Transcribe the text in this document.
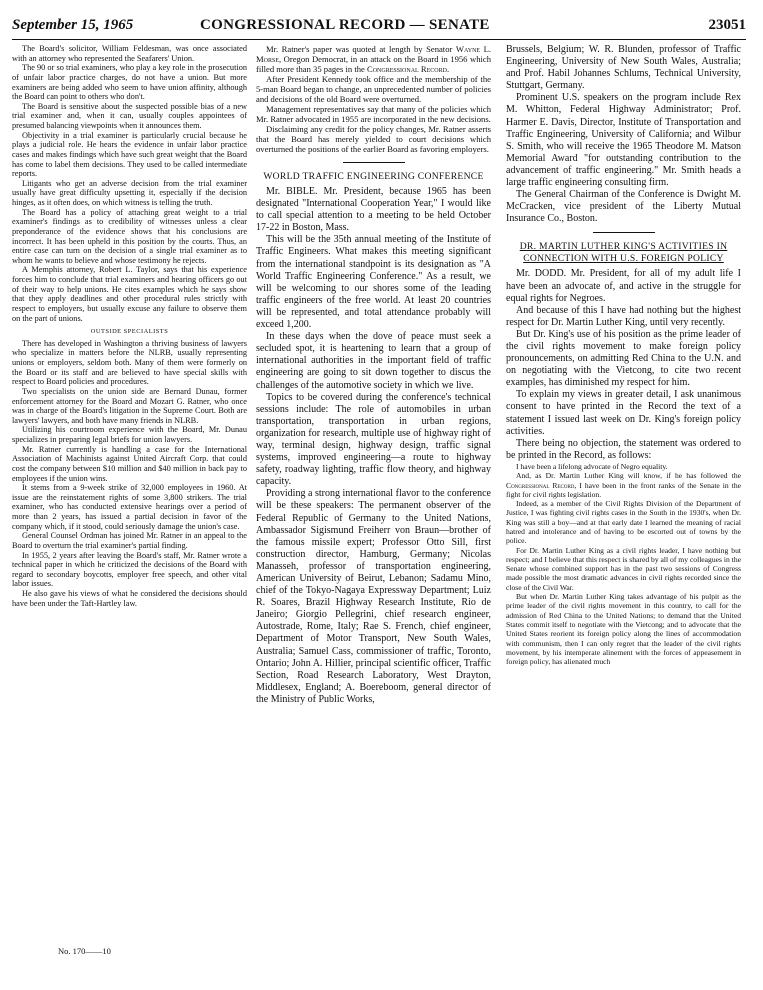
September 15, 1965	CONGRESSIONAL RECORD — SENATE	23051

The Board's solicitor, William Feldesman, was once associated with an attorney who represented the Seafarers' Union.

The 90 or so trial examiners, who play a key role in the prosecution of unfair labor practice charges, do not have a union. But more examiners are being added who seem to have union affinity, although the Board can point to others who don't.

The Board is sensitive about the suspected possible bias of a new trial examiner and, when it can, usually couples appointees of presumed balancing viewpoints when it announces them.

Objectivity in a trial examiner is particularly crucial because he plays a judicial role. He hears the evidence in unfair labor practice cases and makes findings which have such great weight that the Board has come to label them decisions. They used to be called intermediate reports.

Litigants who get an adverse decision from the trial examiner usually have great difficulty upsetting it, especially if the decision hinges, as it often does, on which witness is telling the truth.

The Board has a policy of attaching great weight to a trial examiner's findings as to credibility of witnesses unless a clear preponderance of the evidence shows that his conclusions are incorrect. It has been upheld in this position by the courts. Thus, an entire case can turn on the decision of a single trial examiner as to whom he wants to believe and whose testimony he rejects.

A Memphis attorney, Robert L. Taylor, says that his experience forces him to conclude that trial examiners and hearing officers go out of their way to help unions. He cites examples which he says show that they apply deadlines and other procedural rules strictly with respect to employers, but usually excuse any failure to observe them on the part of unions.

OUTSIDE SPECIALISTS

There has developed in Washington a thriving business of lawyers who specialize in matters before the NLRB, usually representing unions or employers, seldom both. Many of them were formerly on the Board or its staff and are believed to have special skills with respect to Board policies and procedures.

Two specialists on the union side are Bernard Dunau, former enforcement attorney for the Board and Mozart G. Ratner, who once was in charge of the Board's litigation in the Supreme Court. Both are lawyers' lawyers, and both have many friends in NLRB.

Utilizing his courtroom experience with the Board, Mr. Dunau specializes in preparing legal briefs for union lawyers.

Mr. Ratner currently is handling a case for the International Association of Machinists against United Aircraft Corp. that could cost the company between $10 million and $40 million in back pay to employees if the union wins.

It stems from a 9-week strike of 32,000 employees in 1960. At issue are the reinstatement rights of some 3,800 strikers. The trial examiner, who has conducted extensive hearings over a period of more than 2 years, has issued a partial decision in favor of the company which, if it stood, could seriously damage the union's case.

General Counsel Ordman has joined Mr. Ratner in an appeal to the Board to overturn the trial examiner's partial finding.

In 1955, 2 years after leaving the Board's staff, Mr. Ratner wrote a technical paper in which he criticized the decisions of the Board with regard to secondary boycotts, employer free speech, and other vital labor issues.

He also gave his views of what he considered the decisions should have been under the Taft-Hartley law.

Mr. Ratner's paper was quoted at length by Senator Wayne L. Morse, Oregon Democrat, in an attack on the Board in 1956 which filled more than 35 pages in the Congressional Record.

After President Kennedy took office and the membership of the 5-man Board began to change, an unprecedented number of policies and decisions of the old Board were overturned.

Management representatives say that many of the policies which Mr. Ratner advocated in 1955 are incorporated in the new decisions.

Disclaiming any credit for the policy changes, Mr. Ratner asserts that the Board has merely yielded to court decisions which overturned the positions of the earlier Board as favoring employers.

WORLD TRAFFIC ENGINEERING CONFERENCE

Mr. BIBLE. Mr. President, because 1965 has been designated "International Cooperation Year," I would like to call special attention to a meeting to be held October 17-22 in Boston, Mass.

This will be the 35th annual meeting of the Institute of Traffic Engineers. What makes this meeting significant from the international standpoint is its designation as "A World Traffic Engineering Conference." As a result, we will be welcoming to our shores some of the leading traffic engineers of the free world. At least 20 countries will be represented, and total attendance probably will exceed 1,200.

In these days when the dove of peace must seek a secluded spot, it is heartening to learn that a group of international authorities in the important field of traffic engineering are going to sit down together to discus the challenges of the automotive society in which we live.

Topics to be covered during the conference's technical sessions include: The role of automobiles in urban transportation, transportation in urban regions, organization for research, multiple use of highway right of way, terminal design, highway design, traffic signal systems, improved engineering—a route to highway safety, roadway lighting, traffic flow theory, and highway capacity.

Providing a strong international flavor to the conference will be these speakers: The permanent observer of the Federal Republic of Germany to the United Nations, Ambassador Sigismund Freiherr von Braun—brother of the famous missile expert; Professor Otto Sill, first construction director, Hamburg, Germany; Nicolas Manasseh, professor of transportation engineering, American University of Beirut, Lebanon; Sadamu Mino, chief of the Tokyo-Nagaya Expressway Department; Luiz R. Soares, Brazil Highway Research Institute, Rio de Janeiro; Giorgio Pellegrini, chief research engineer, Autostrade, Rome, Italy; Rae S. French, chief engineer, Department of Motor Transport, New South Wales, Australia; Samuel Cass, commissioner of traffic, Toronto, Ontario; John A. Hillier, principal scientific officer, Traffic Section, Road Research Laboratory, West Drayton, Middlesex, England; A. Boereboom, general director of the Ministry of Public Works,

Brussels, Belgium; W. R. Blunden, professor of Traffic Engineering, University of New South Wales, Australia; and Prof. Habil Johannes Schlums, Technical University, Stuttgart, Germany.

Prominent U.S. speakers on the program include Rex M. Whitton, Federal Highway Administrator; Prof. Harmer E. Davis, Director, Institute of Transportation and Traffic Engineering, University of California; and Wilbur S. Smith, who will receive the 1965 Theodore M. Matson Memorial Award "for outstanding contribution to the advancement of traffic engineering." Mr. Smith heads a large traffic engineering consulting firm.

The General Chairman of the Conference is Dwight M. McCracken, vice president of the Liberty Mutual Insurance Co., Boston.

DR. MARTIN LUTHER KING'S ACTIVITIES IN CONNECTION WITH U.S. FOREIGN POLICY

Mr. DODD. Mr. President, for all of my adult life I have been an advocate of, and active in the struggle for equal rights for Negroes.

And because of this I have had nothing but the highest respect for Dr. Martin Luther King, until very recently.

But Dr. King's use of his position as the prime leader of the civil rights movement to make foreign policy pronouncements, on admitting Red China to the U.N. and on negotiating with the Vietcong, to cite two recent examples, has diminished my respect for him.

To explain my views in greater detail, I ask unanimous consent to have printed in the Record the text of a statement I issued last week on Dr. King's foreign policy activities.

There being no objection, the statement was ordered to be printed in the Record, as follows:

I have been a lifelong advocate of Negro equality.

And, as Dr. Martin Luther King will know, if he has followed the Congressional Record, I have been in the front ranks of the Senate in the fight for civil rights legislation.

Indeed, as a member of the Civil Rights Division of the Department of Justice, I was fighting civil rights cases in the South in the 1930's, when Dr. King was still a boy—and at that early date I learned the meaning of racial hatred and intolerance and of having to be escorted out of towns by the police.

For Dr. Martin Luther King as a civil rights leader, I have nothing but respect; and I believe that this respect is shared by all of my colleagues in the Senate whose combined support has in the past two sessions of Congress made possible the most dramatic advances in civil rights recorded since the close of the Civil War.

But when Dr. Martin Luther King takes advantage of his pulpit as the prime leader of the civil rights movement in this country, to call for the admission of Red China to the United Nations; to demand that the United States commit itself to negotiate with the Vietcong; and to advocate that the United States reorient its foreign policy along the lines of accommodation with communism, then I can only regret that the leader of the civil rights movement, by his intemperate alinement with the forces of appeasement in foreign policy, has alienated much

No. 170——10
